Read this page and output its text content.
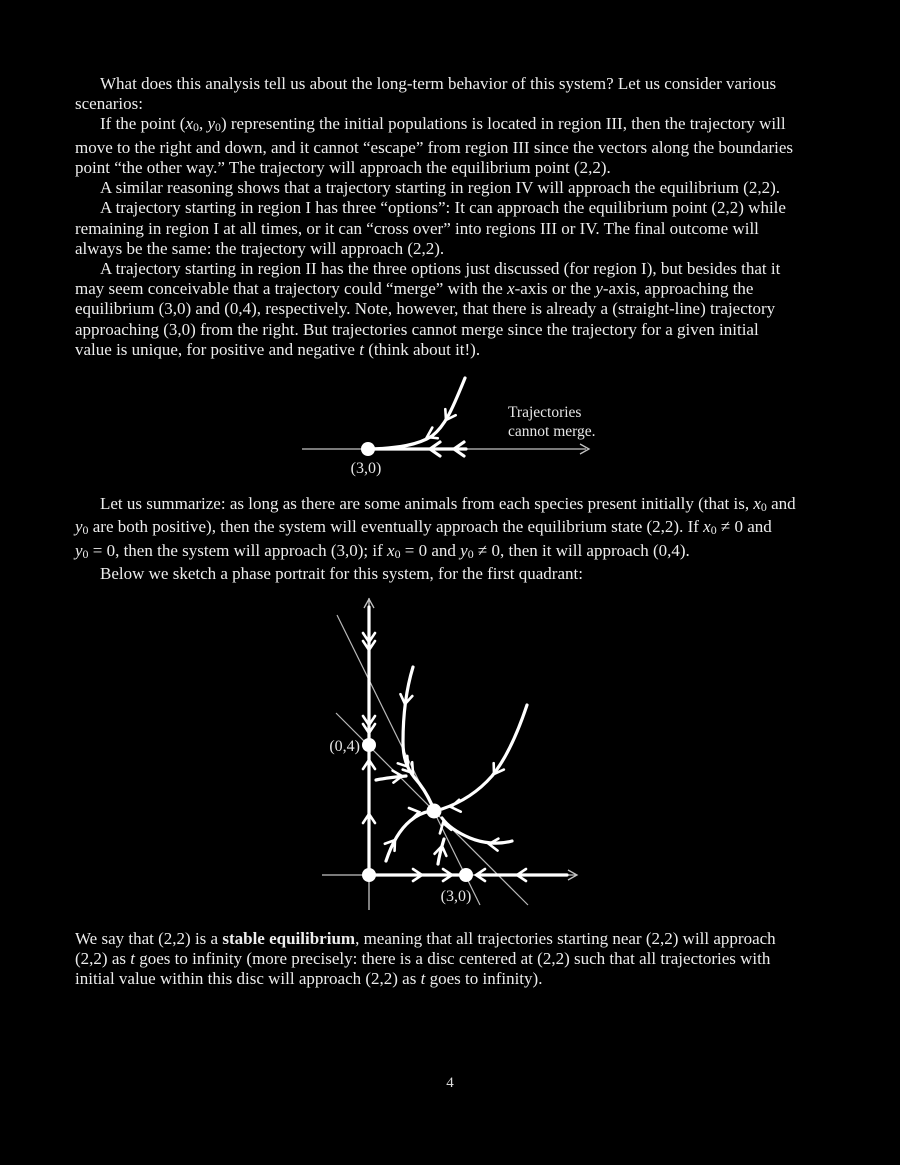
What does this analysis tell us about the long-term behavior of this system? Let us consider various
scenarios:
If the point (x0, y0) representing the initial populations is located in region III, then the trajectory will
move to the right and down, and it cannot “escape” from region III since the vectors along the boundaries
point “the other way.” The trajectory will approach the equilibrium point (2,2).
A similar reasoning shows that a trajectory starting in region IV will approach the equilibrium (2,2).
A trajectory starting in region I has three “options”: It can approach the equilibrium point (2,2) while
remaining in region I at all times, or it can “cross over” into regions III or IV. The final outcome will
always be the same: the trajectory will approach (2,2).
A trajectory starting in region II has the three options just discussed (for region I), but besides that it
may seem conceivable that a trajectory could “merge” with the x-axis or the y-axis, approaching the
equilibrium (3,0) and (0,4), respectively. Note, however, that there is already a (straight-line) trajectory
approaching (3,0) from the right. But trajectories cannot merge since the trajectory for a given initial
value is unique, for positive and negative t (think about it!).
(3,0)
Trajectories
cannot merge.
Let us summarize: as long as there are some animals from each species present initially (that is, x0 and
y0 are both positive), then the system will eventually approach the equilibrium state (2,2). If x0 ≠ 0 and
y0 = 0, then the system will approach (3,0); if x0 = 0 and y0 ≠ 0, then it will approach (0,4).
Below we sketch a phase portrait for this system, for the first quadrant:
(0,4)
(3,0)
We say that (2,2) is a stable equilibrium, meaning that all trajectories starting near (2,2) will approach
(2,2) as t goes to infinity (more precisely: there is a disc centered at (2,2) such that all trajectories with
initial value within this disc will approach (2,2) as t goes to infinity).
4
